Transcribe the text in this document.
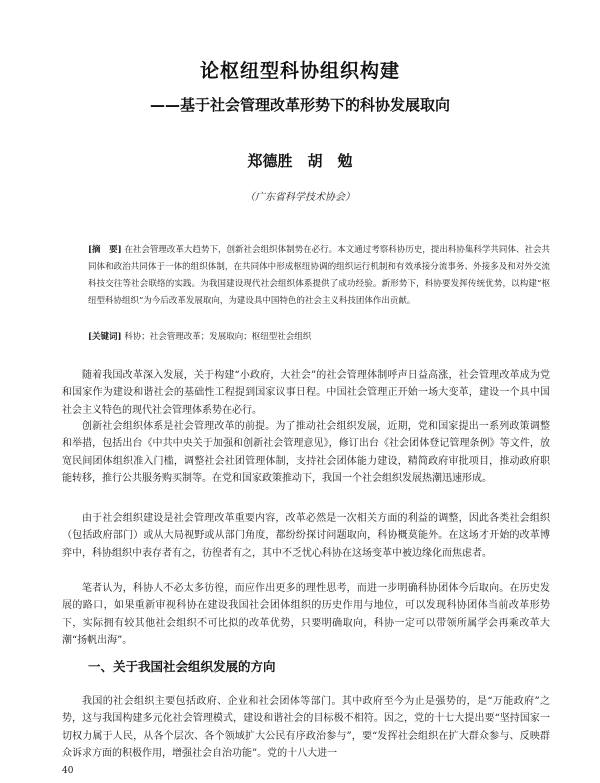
论枢纽型科协组织构建
——基于社会管理改革形势下的科协发展取向
郑德胜　胡　勉
（广东省科学技术协会）
[摘　要] 在社会管理改革大趋势下，创新社会组织体制势在必行。本文通过考察科协历史，提出科协集科学共同体、社会共同体和政治共同体于一体的组织体制，在共同体中形成枢纽协调的组织运行机制和有效承接分流事务、外接多及和对外交流科技交往等社会联络的实践。为我国建设现代社会组织体系提供了成功经验。新形势下，科协要发挥传统优势，以构建“枢纽型科协组织”为今后改革发展取向，为建设具中国特色的社会主义科技团体作出贡献。
[关键词] 科协；社会管理改革；发展取向；枢纽型社会组织

随着我国改革深入发展，关于构建“小政府，大社会”的社会管理体制呼声日益高涨，社会管理改革成为党和国家作为建设和谐社会的基础性工程提到国家议事日程。中国社会管理正开始一场大变革，建设一个具中国社会主义特色的现代社会管理体系势在必行。

创新社会组织体系是社会管理改革的前提。为了推动社会组织发展，近期，党和国家提出一系列政策调整和举措，包括出台《中共中央关于加强和创新社会管理意见》，修订出台《社会团体登记管理条例》等文件，放宽民间团体组织准入门槛，调整社会社团管理体制，支持社会团体能力建设，精简政府审批项目，推动政府职能转移，推行公共服务购买制等。在党和国家政策推动下，我国一个社会组织发展热潮迅速形成。

由于社会组织建设是社会管理改革重要内容，改革必然是一次相关方面的利益的调整，因此各类社会组织（包括政府部门）或从大局视野或从部门角度，都纷纷探讨问题取向，科协概莫能外。在这场才开始的改革博弈中，科协组织中表存者有之，彷徨者有之，其中不乏忧心科协在这场变革中被边缘化而焦虑者。

笔者认为，科协人不必太多彷徨，而应作出更多的理性思考，而进一步明确科协团体今后取向。在历史发展的路口，如果重新审视科协在建设我国社会团体组织的历史作用与地位，可以发现科协团体当前改革形势下，实际拥有较其他社会组织不可比拟的改革优势，只要明确取向，科协一定可以带领所属学会再乘改革大潮“扬帆出海”。

一、关于我国社会组织发展的方向

我国的社会组织主要包括政府、企业和社会团体等部门。其中政府至今为止是强势的，是“万能政府”之势，这与我国构建多元化社会管理模式，建设和谐社会的目标极不相符。因之，党的十七大提出要“坚持国家一切权力属于人民，从各个层次、各个领域扩大公民有序政治参与”，要“发挥社会组织在扩大群众参与、反映群众诉求方面的积极作用，增强社会自治功能”。党的十八大进一

40
